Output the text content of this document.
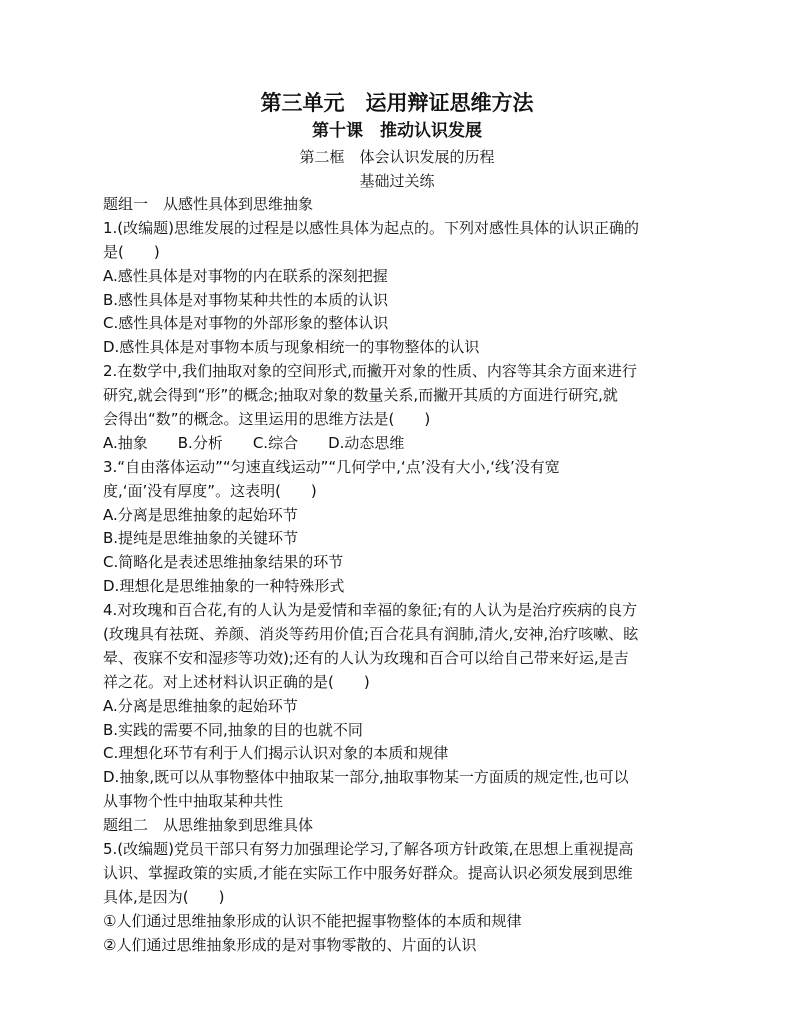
第三单元　运用辩证思维方法
第十课　推动认识发展
第二框　体会认识发展的历程
基础过关练
题组一　从感性具体到思维抽象
1.(改编题)思维发展的过程是以感性具体为起点的。下列对感性具体的认识正确的
是(　　)
A.感性具体是对事物的内在联系的深刻把握
B.感性具体是对事物某种共性的本质的认识
C.感性具体是对事物的外部形象的整体认识
D.感性具体是对事物本质与现象相统一的事物整体的认识
2.在数学中,我们抽取对象的空间形式,而撇开对象的性质、内容等其余方面来进行
研究,就会得到“形”的概念;抽取对象的数量关系,而撇开其质的方面进行研究,就
会得出“数”的概念。这里运用的思维方法是(　　)
A.抽象　　B.分析　　C.综合　　D.动态思维
3.“自由落体运动”“匀速直线运动”“几何学中,‘点’没有大小,‘线’没有宽
度,‘面’没有厚度”。这表明(　　)
A.分离是思维抽象的起始环节
B.提纯是思维抽象的关键环节
C.简略化是表述思维抽象结果的环节
D.理想化是思维抽象的一种特殊形式
4.对玫瑰和百合花,有的人认为是爱情和幸福的象征;有的人认为是治疗疾病的良方
(玫瑰具有祛斑、养颜、消炎等药用价值;百合花具有润肺,清火,安神,治疗咳嗽、眩
晕、夜寐不安和湿疹等功效);还有的人认为玫瑰和百合可以给自己带来好运,是吉
祥之花。对上述材料认识正确的是(　　)
A.分离是思维抽象的起始环节
B.实践的需要不同,抽象的目的也就不同
C.理想化环节有利于人们揭示认识对象的本质和规律
D.抽象,既可以从事物整体中抽取某一部分,抽取事物某一方面质的规定性,也可以
从事物个性中抽取某种共性
题组二　从思维抽象到思维具体
5.(改编题)党员干部只有努力加强理论学习,了解各项方针政策,在思想上重视提高
认识、掌握政策的实质,才能在实际工作中服务好群众。提高认识必须发展到思维
具体,是因为(　　)
①人们通过思维抽象形成的认识不能把握事物整体的本质和规律
②人们通过思维抽象形成的是对事物零散的、片面的认识
